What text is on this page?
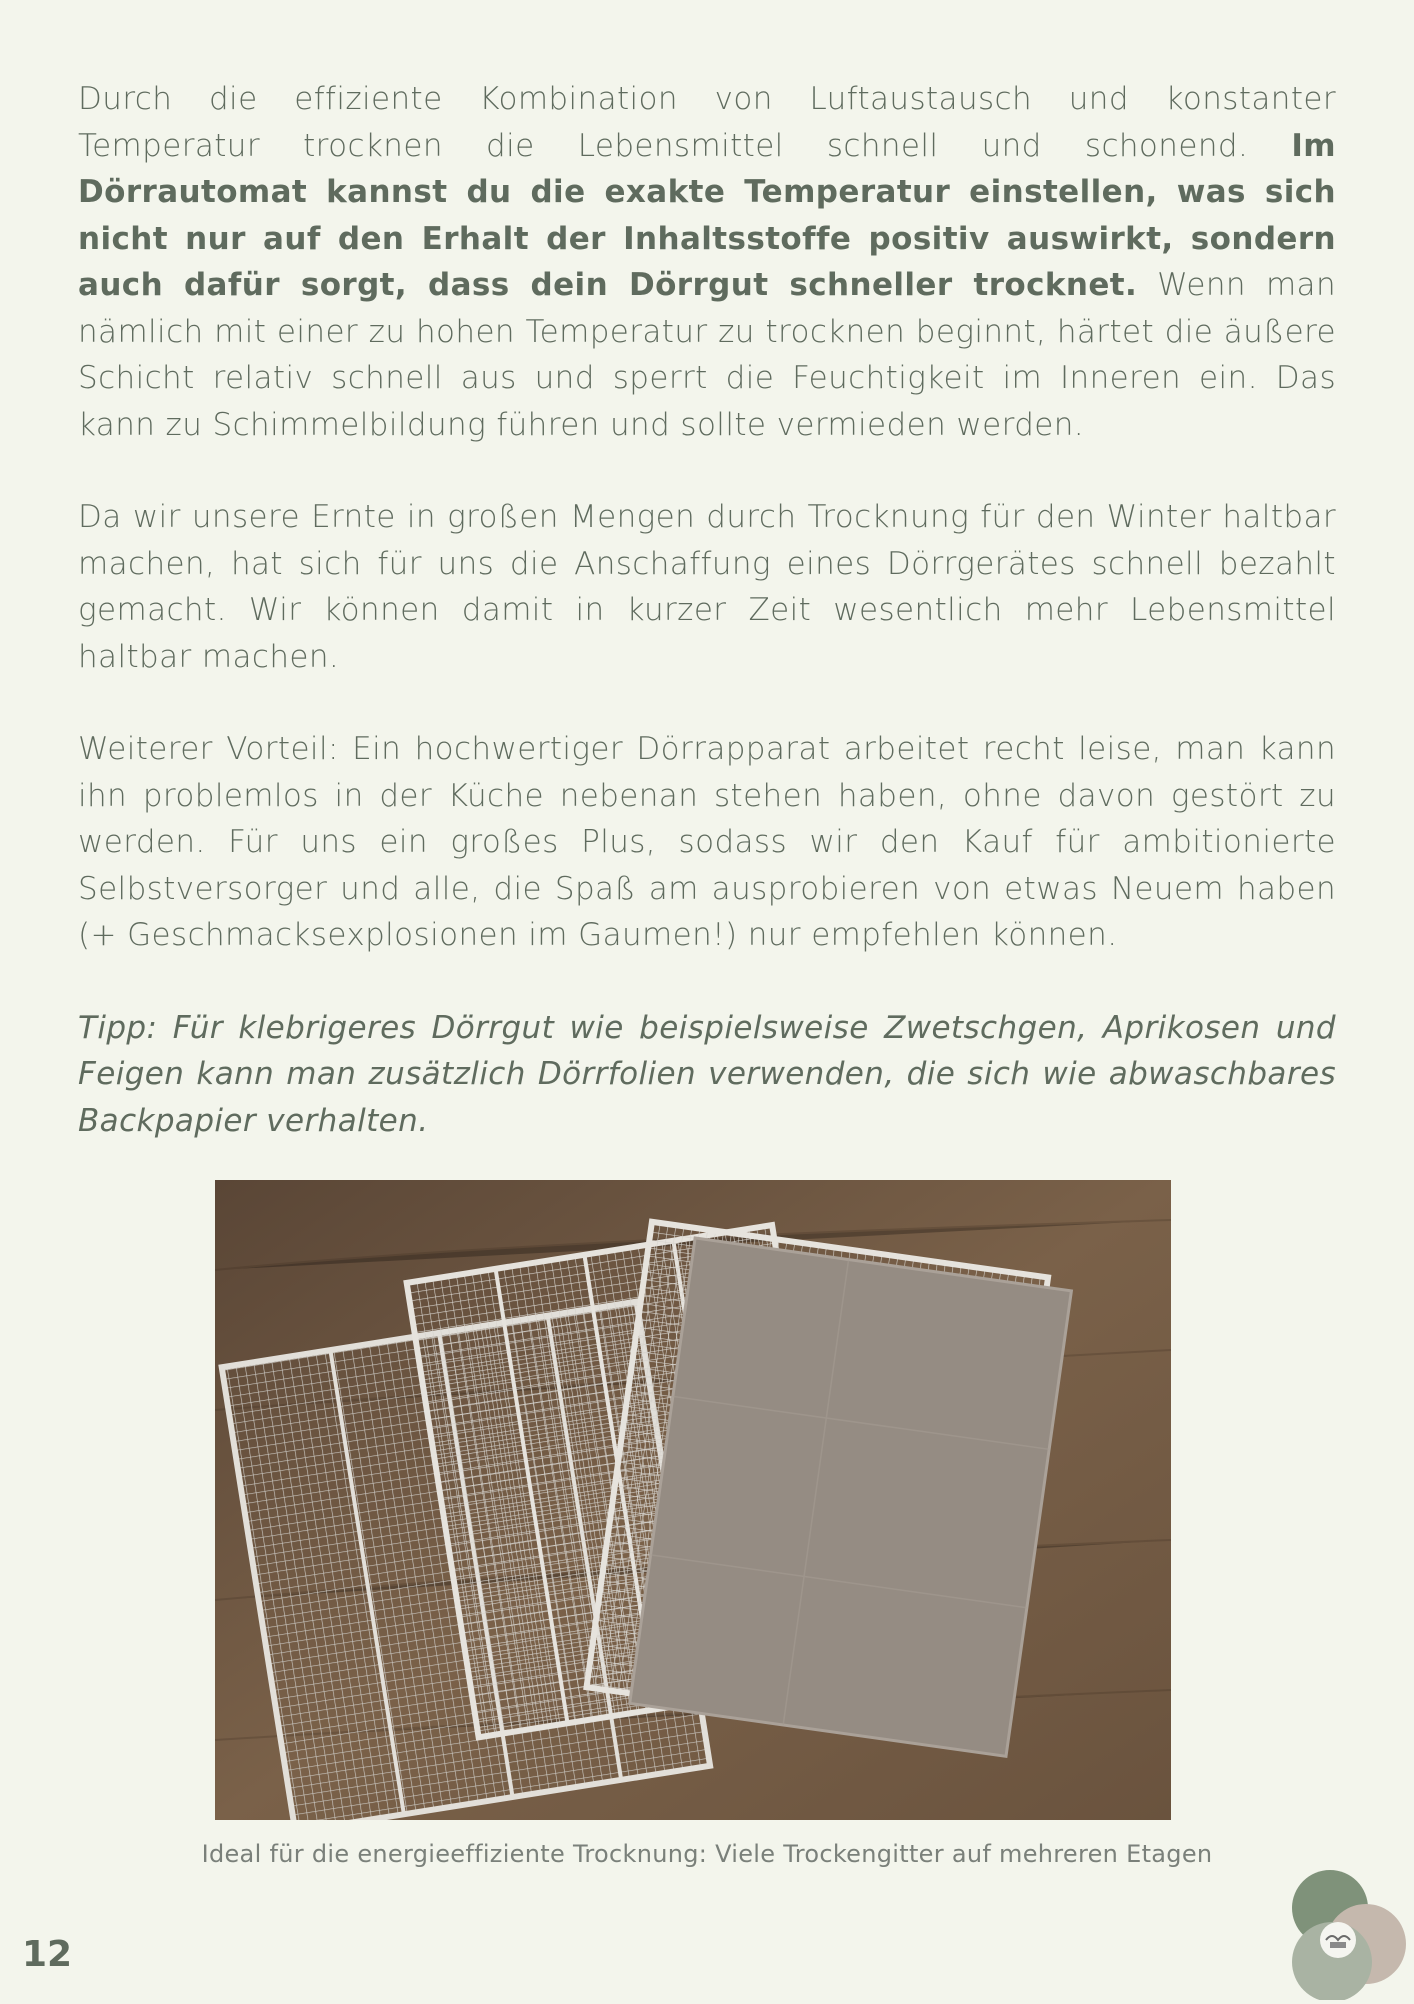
Durch die effiziente Kombination von Luftaustausch und konstanter Temperatur trocknen die Lebensmittel schnell und schonend. Im Dörrautomat kannst du die exakte Temperatur einstellen, was sich nicht nur auf den Erhalt der Inhaltsstoffe positiv auswirkt, sondern auch dafür sorgt, dass dein Dörrgut schneller trocknet. Wenn man nämlich mit einer zu hohen Temperatur zu trocknen beginnt, härtet die äußere Schicht relativ schnell aus und sperrt die Feuchtigkeit im Inneren ein. Das kann zu Schimmelbildung führen und sollte vermieden werden.

Da wir unsere Ernte in großen Mengen durch Trocknung für den Winter haltbar machen, hat sich für uns die Anschaffung eines Dörrgerätes schnell bezahlt gemacht. Wir können damit in kurzer Zeit wesentlich mehr Lebensmittel haltbar machen.

Weiterer Vorteil: Ein hochwertiger Dörrapparat arbeitet recht leise, man kann ihn problemlos in der Küche nebenan stehen haben, ohne davon gestört zu werden. Für uns ein großes Plus, sodass wir den Kauf für ambitionierte Selbstversorger und alle, die Spaß am ausprobieren von etwas Neuem haben (+ Geschmacksexplosionen im Gaumen!) nur empfehlen können.

Tipp: Für klebrigeres Dörrgut wie beispielsweise Zwetschgen, Aprikosen und Feigen kann man zusätzlich Dörrfolien verwenden, die sich wie abwaschbares Backpapier verhalten.

Ideal für die energieeffiziente Trocknung: Viele Trockengitter auf mehreren Etagen
12
